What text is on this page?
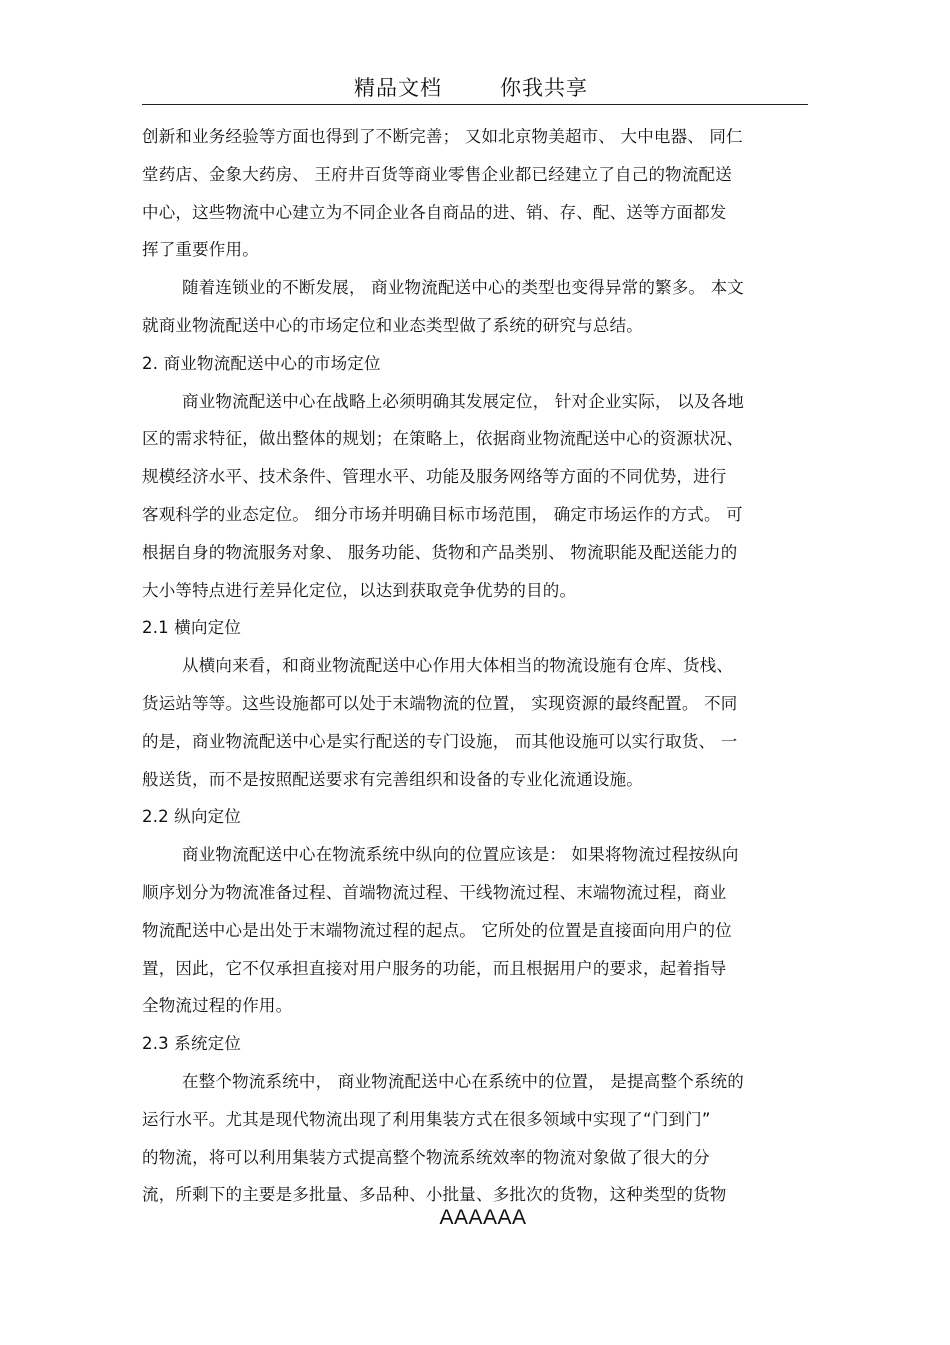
精品文档	你我共享
创新和业务经验等方面也得到了不断完善； 又如北京物美超市、 大中电器、 同仁
堂药店、金象大药房、 王府井百货等商业零售企业都已经建立了自己的物流配送
中心，这些物流中心建立为不同企业各自商品的进、销、存、配、送等方面都发
挥了重要作用。
随着连锁业的不断发展， 商业物流配送中心的类型也变得异常的繁多。 本文
就商业物流配送中心的市场定位和业态类型做了系统的研究与总结。
2. 商业物流配送中心的市场定位
商业物流配送中心在战略上必须明确其发展定位， 针对企业实际， 以及各地
区的需求特征，做出整体的规划；在策略上，依据商业物流配送中心的资源状况、
规模经济水平、技术条件、管理水平、功能及服务网络等方面的不同优势，进行
客观科学的业态定位。 细分市场并明确目标市场范围， 确定市场运作的方式。 可
根据自身的物流服务对象、 服务功能、货物和产品类别、 物流职能及配送能力的
大小等特点进行差异化定位，以达到获取竞争优势的目的。
2.1 横向定位
从横向来看，和商业物流配送中心作用大体相当的物流设施有仓库、货栈、
货运站等等。这些设施都可以处于末端物流的位置， 实现资源的最终配置。 不同
的是，商业物流配送中心是实行配送的专门设施， 而其他设施可以实行取货、 一
般送货，而不是按照配送要求有完善组织和设备的专业化流通设施。
2.2 纵向定位
商业物流配送中心在物流系统中纵向的位置应该是： 如果将物流过程按纵向
顺序划分为物流准备过程、首端物流过程、干线物流过程、末端物流过程，商业
物流配送中心是出处于末端物流过程的起点。 它所处的位置是直接面向用户的位
置，因此，它不仅承担直接对用户服务的功能，而且根据用户的要求，起着指导
全物流过程的作用。
2.3 系统定位
在整个物流系统中， 商业物流配送中心在系统中的位置， 是提高整个系统的
运行水平。尤其是现代物流出现了利用集装方式在很多领域中实现了“门到门”
的物流，将可以利用集装方式提高整个物流系统效率的物流对象做了很大的分
流，所剩下的主要是多批量、多品种、小批量、多批次的货物，这种类型的货物
AAAAAA
